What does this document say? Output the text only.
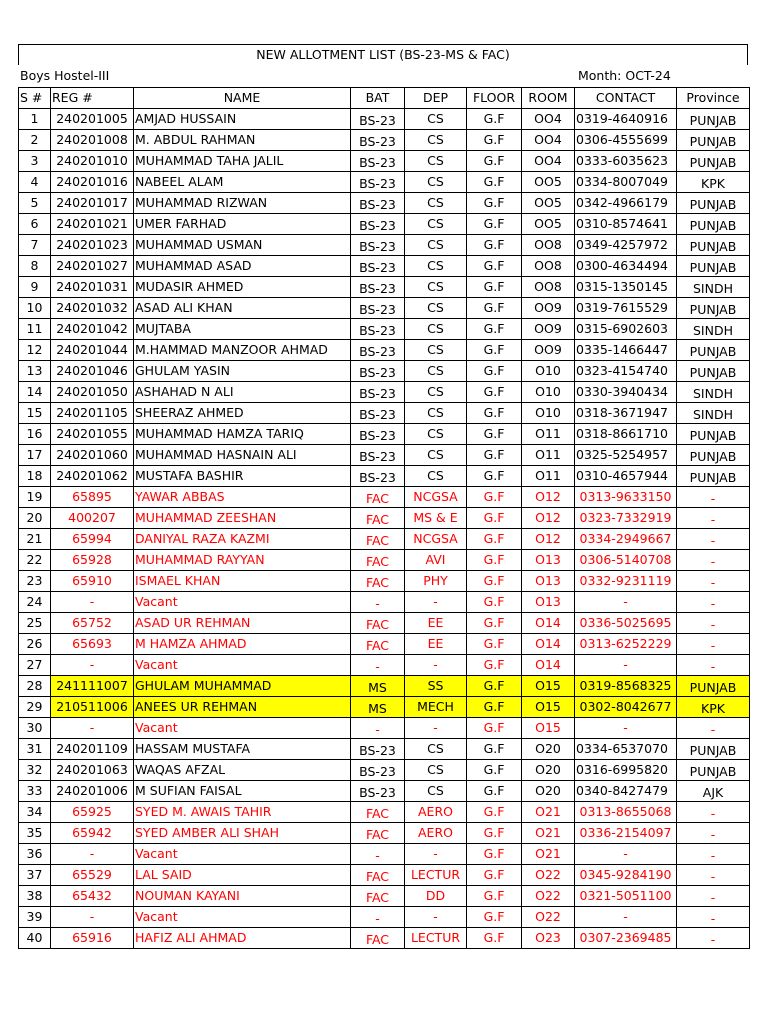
NEW ALLOTMENT LIST (BS-23-MS & FAC)
Boys Hostel-III	Month: OCT-24
S #	REG #	NAME	BAT	DEP	FLOOR	ROOM	CONTACT	Province
1	240201005	AMJAD HUSSAIN	BS-23	CS	G.F	OO4	0319-4640916	PUNJAB
2	240201008	M. ABDUL RAHMAN	BS-23	CS	G.F	OO4	0306-4555699	PUNJAB
3	240201010	MUHAMMAD TAHA JALIL	BS-23	CS	G.F	OO4	0333-6035623	PUNJAB
4	240201016	NABEEL ALAM	BS-23	CS	G.F	OO5	0334-8007049	KPK
5	240201017	MUHAMMAD RIZWAN	BS-23	CS	G.F	OO5	0342-4966179	PUNJAB
6	240201021	UMER FARHAD	BS-23	CS	G.F	OO5	0310-8574641	PUNJAB
7	240201023	MUHAMMAD USMAN	BS-23	CS	G.F	OO8	0349-4257972	PUNJAB
8	240201027	MUHAMMAD ASAD	BS-23	CS	G.F	OO8	0300-4634494	PUNJAB
9	240201031	MUDASIR AHMED	BS-23	CS	G.F	OO8	0315-1350145	SINDH
10	240201032	ASAD ALI KHAN	BS-23	CS	G.F	OO9	0319-7615529	PUNJAB
11	240201042	MUJTABA	BS-23	CS	G.F	OO9	0315-6902603	SINDH
12	240201044	M.HAMMAD MANZOOR AHMAD	BS-23	CS	G.F	OO9	0335-1466447	PUNJAB
13	240201046	GHULAM YASIN	BS-23	CS	G.F	O10	0323-4154740	PUNJAB
14	240201050	ASHAHAD N ALI	BS-23	CS	G.F	O10	0330-3940434	SINDH
15	240201105	SHEERAZ AHMED	BS-23	CS	G.F	O10	0318-3671947	SINDH
16	240201055	MUHAMMAD HAMZA TARIQ	BS-23	CS	G.F	O11	0318-8661710	PUNJAB
17	240201060	MUHAMMAD HASNAIN ALI	BS-23	CS	G.F	O11	0325-5254957	PUNJAB
18	240201062	MUSTAFA BASHIR	BS-23	CS	G.F	O11	0310-4657944	PUNJAB
19	65895	YAWAR ABBAS	FAC	NCGSA	G.F	O12	0313-9633150	-
20	400207	MUHAMMAD ZEESHAN	FAC	MS & E	G.F	O12	0323-7332919	-
21	65994	DANIYAL RAZA KAZMI	FAC	NCGSA	G.F	O12	0334-2949667	-
22	65928	MUHAMMAD RAYYAN	FAC	AVI	G.F	O13	0306-5140708	-
23	65910	ISMAEL KHAN	FAC	PHY	G.F	O13	0332-9231119	-
24	-	Vacant	-	-	G.F	O13	-	-
25	65752	ASAD UR REHMAN	FAC	EE	G.F	O14	0336-5025695	-
26	65693	M HAMZA AHMAD	FAC	EE	G.F	O14	0313-6252229	-
27	-	Vacant	-	-	G.F	O14	-	-
28	241111007	GHULAM MUHAMMAD	MS	SS	G.F	O15	0319-8568325	PUNJAB
29	210511006	ANEES UR REHMAN	MS	MECH	G.F	O15	0302-8042677	KPK
30	-	Vacant	-	-	G.F	O15	-	-
31	240201109	HASSAM MUSTAFA	BS-23	CS	G.F	O20	0334-6537070	PUNJAB
32	240201063	WAQAS AFZAL	BS-23	CS	G.F	O20	0316-6995820	PUNJAB
33	240201006	M SUFIAN FAISAL	BS-23	CS	G.F	O20	0340-8427479	AJK
34	65925	SYED M. AWAIS TAHIR	FAC	AERO	G.F	O21	0313-8655068	-
35	65942	SYED AMBER ALI SHAH	FAC	AERO	G.F	O21	0336-2154097	-
36	-	Vacant	-	-	G.F	O21	-	-
37	65529	LAL SAID	FAC	LECTUR	G.F	O22	0345-9284190	-
38	65432	NOUMAN KAYANI	FAC	DD	G.F	O22	0321-5051100	-
39	-	Vacant	-	-	G.F	O22	-	-
40	65916	HAFIZ ALI AHMAD	FAC	LECTUR	G.F	O23	0307-2369485	-
